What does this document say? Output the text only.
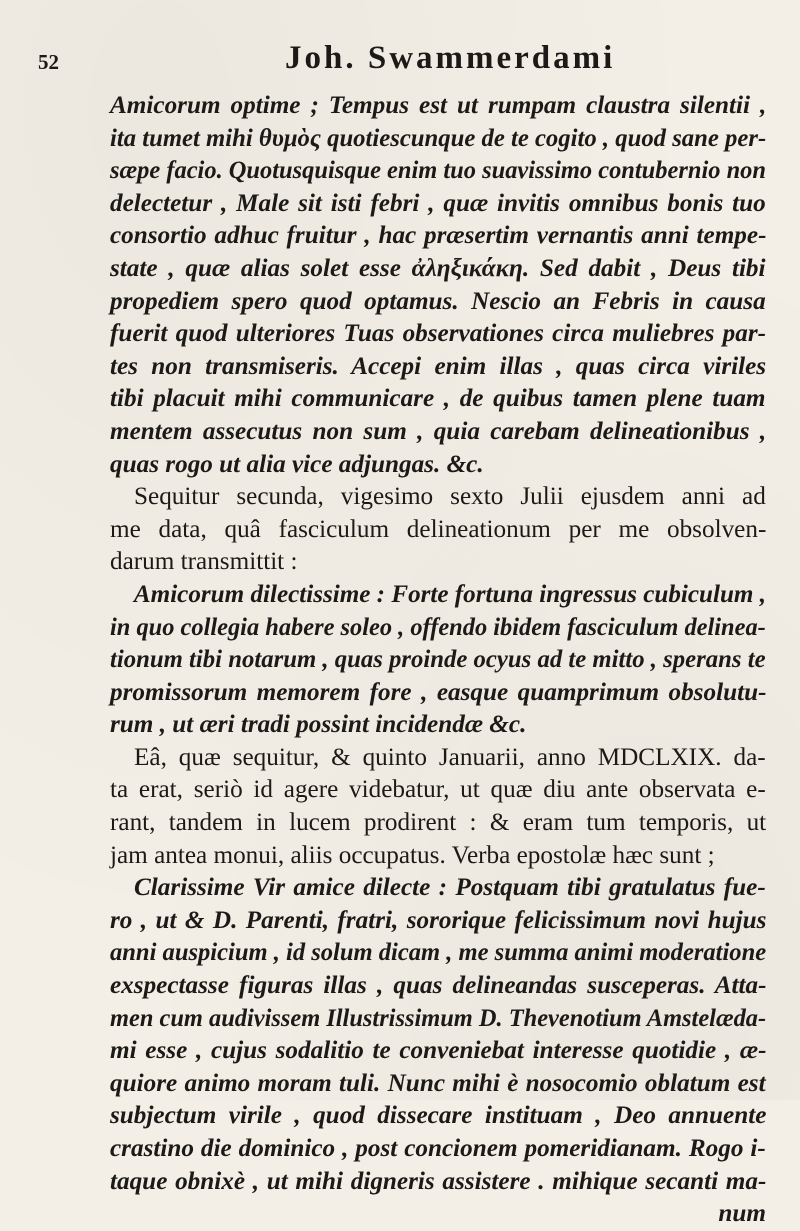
52	Joh. Swammerdami
Amicorum optime ; Tempus est ut rumpam claustra silentii ,
ita tumet mihi θυμὸς quotiescunque de te cogito , quod sane per-
sæpe facio. Quotusquisque enim tuo suavissimo contubernio non
delectetur , Male sit isti febri , quæ invitis omnibus bonis tuo
consortio adhuc fruitur , hac præsertim vernantis anni tempe-
state , quæ alias solet esse ἀληξικάκη. Sed dabit , Deus tibi
propediem spero quod optamus. Nescio an Febris in causa
fuerit quod ulteriores Tuas observationes circa muliebres par-
tes non transmiseris. Accepi enim illas , quas circa viriles
tibi placuit mihi communicare , de quibus tamen plene tuam
mentem assecutus non sum , quia carebam delineationibus ,
quas rogo ut alia vice adjungas. &c.
Sequitur secunda, vigesimo sexto Julii ejusdem anni ad
me data, quâ fasciculum delineationum per me obsolven-
darum transmittit :
Amicorum dilectissime : Forte fortuna ingressus cubiculum ,
in quo collegia habere soleo , offendo ibidem fasciculum delinea-
tionum tibi notarum , quas proinde ocyus ad te mitto , sperans te
promissorum memorem fore , easque quamprimum obsolutu-
rum , ut æri tradi possint incidendæ &c.
Eâ, quæ sequitur, & quinto Januarii, anno MDCLXIX. da-
ta erat, seriò id agere videbatur, ut quæ diu ante observata e-
rant, tandem in lucem prodirent : & eram tum temporis, ut
jam antea monui, aliis occupatus. Verba epostolæ hæc sunt ;
Clarissime Vir amice dilecte : Postquam tibi gratulatus fue-
ro , ut & D. Parenti, fratri, sororique felicissimum novi hujus
anni auspicium , id solum dicam , me summa animi moderatione
exspectasse figuras illas , quas delineandas susceperas. Atta-
men cum audivissem Illustrissimum D. Thevenotium Amstelæda-
mi esse , cujus sodalitio te conveniebat interesse quotidie , æ-
quiore animo moram tuli. Nunc mihi è nosocomio oblatum est
subjectum virile , quod dissecare instituam , Deo annuente
crastino die dominico , post concionem pomeridianam. Rogo i-
taque obnixè , ut mihi digneris assistere . mihique secanti ma-
num
